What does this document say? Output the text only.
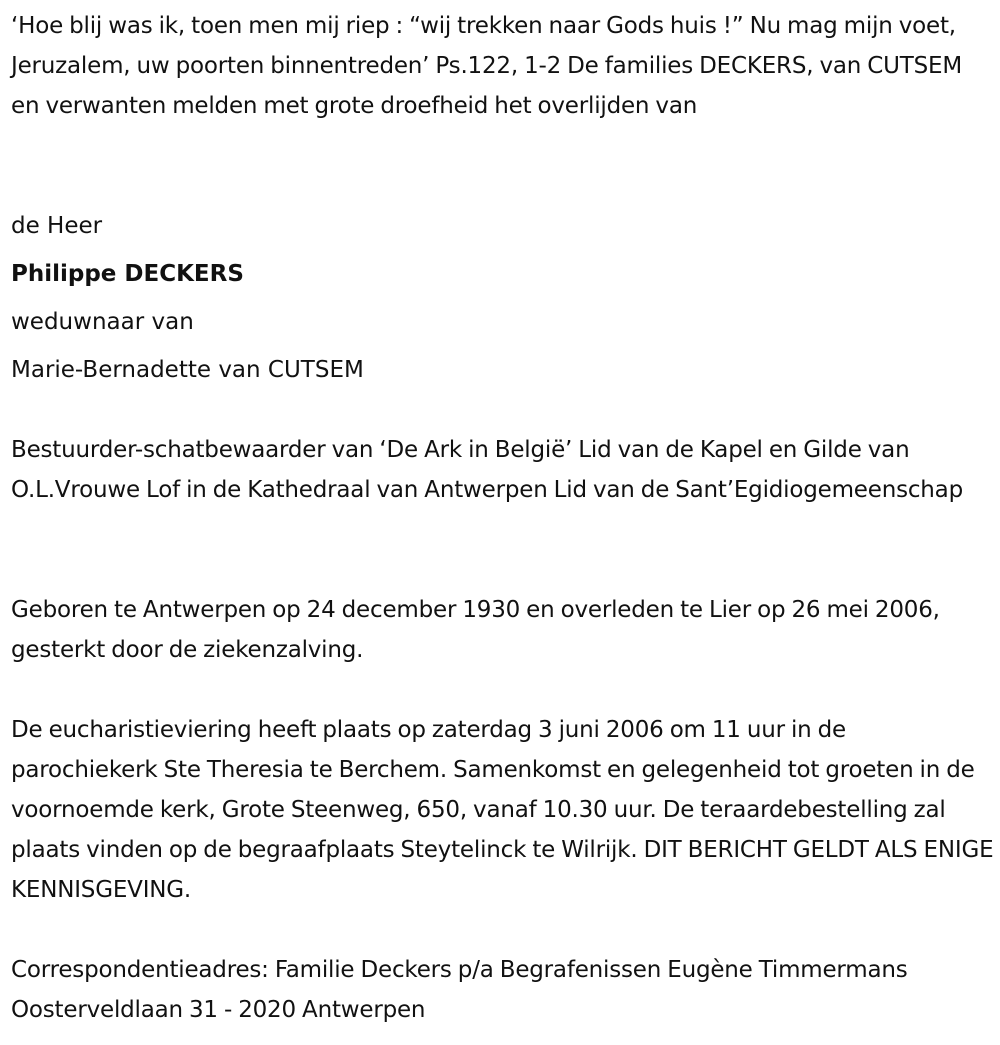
‘Hoe blij was ik, toen men mij riep : “wij trekken naar Gods huis !” Nu mag mijn voet, Jeruzalem, uw poorten binnentreden’ Ps.122, 1-2 De families DECKERS, van CUTSEM en verwanten melden met grote droefheid het overlijden van

de Heer

Philippe DECKERS

weduwnaar van

Marie-Bernadette van CUTSEM

Bestuurder-schatbewaarder van ‘De Ark in België’ Lid van de Kapel en Gilde van O.L.Vrouwe Lof in de Kathedraal van Antwerpen Lid van de Sant’Egidiogemeenschap

Geboren te Antwerpen op 24 december 1930 en overleden te Lier op 26 mei 2006, gesterkt door de ziekenzalving.

De eucharistieviering heeft plaats op zaterdag 3 juni 2006 om 11 uur in de parochiekerk Ste Theresia te Berchem. Samenkomst en gelegenheid tot groeten in de voornoemde kerk, Grote Steenweg, 650, vanaf 10.30 uur. De teraardebestelling zal plaats vinden op de begraafplaats Steytelinck te Wilrijk. DIT BERICHT GELDT ALS ENIGE KENNISGEVING.

Correspondentieadres: Familie Deckers p/a Begrafenissen Eugène Timmermans Oosterveldlaan 31 - 2020 Antwerpen
